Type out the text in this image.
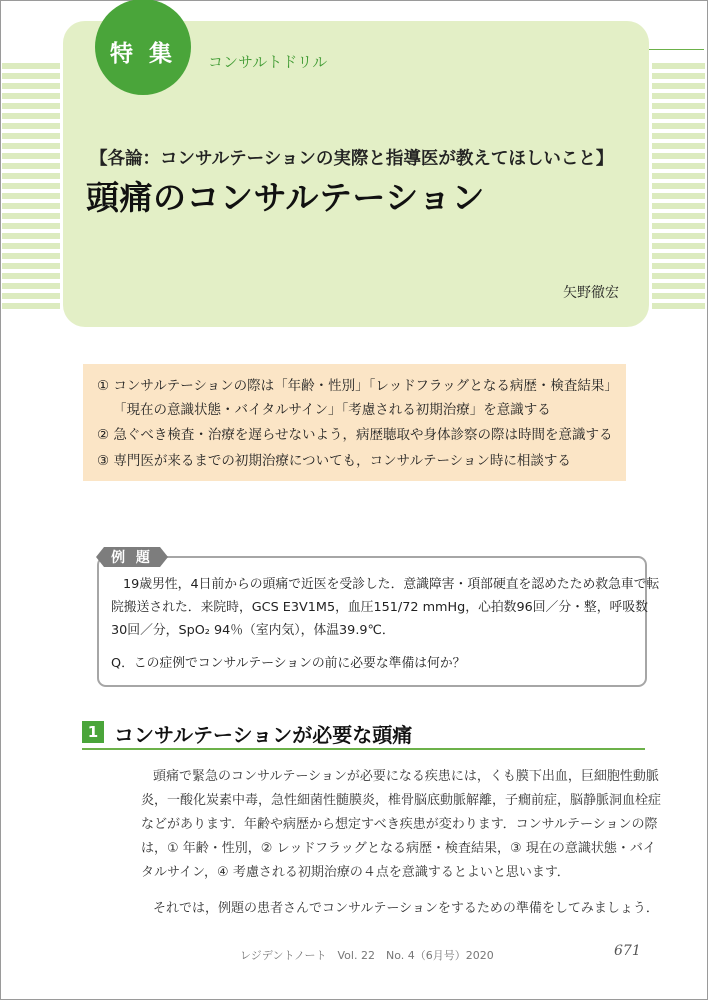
特 集 コンサルトドリル
【各論：コンサルテーションの実際と指導医が教えてほしいこと】
頭痛のコンサルテーション
矢野徹宏
① コンサルテーションの際は「年齢・性別」「レッドフラッグとなる病歴・検査結果」
「現在の意識状態・バイタルサイン」「考慮される初期治療」を意識する
② 急ぐべき検査・治療を遅らせないよう，病歴聴取や身体診察の際は時間を意識する
③ 専門医が来るまでの初期治療についても，コンサルテーション時に相談する
例 題
19歳男性，4日前からの頭痛で近医を受診した．意識障害・項部硬直を認めたため救急車で転
院搬送された．来院時，GCS E3V1M5，血圧151/72 mmHg，心拍数96回／分・整，呼吸数
30回／分，SpO₂ 94％（室内気），体温39.9℃．
Q．この症例でコンサルテーションの前に必要な準備は何か？
1 コンサルテーションが必要な頭痛
頭痛で緊急のコンサルテーションが必要になる疾患には，くも膜下出血，巨細胞性動脈
炎，一酸化炭素中毒，急性細菌性髄膜炎，椎骨脳底動脈解離，子癇前症，脳静脈洞血栓症
などがあります．年齢や病歴から想定すべき疾患が変わります．コンサルテーションの際
は，① 年齢・性別，② レッドフラッグとなる病歴・検査結果，③ 現在の意識状態・バイ
タルサイン，④ 考慮される初期治療の４点を意識するとよいと思います．
それでは，例題の患者さんでコンサルテーションをするための準備をしてみましょう．
レジデントノート　Vol. 22　No. 4（6月号）2020	671
